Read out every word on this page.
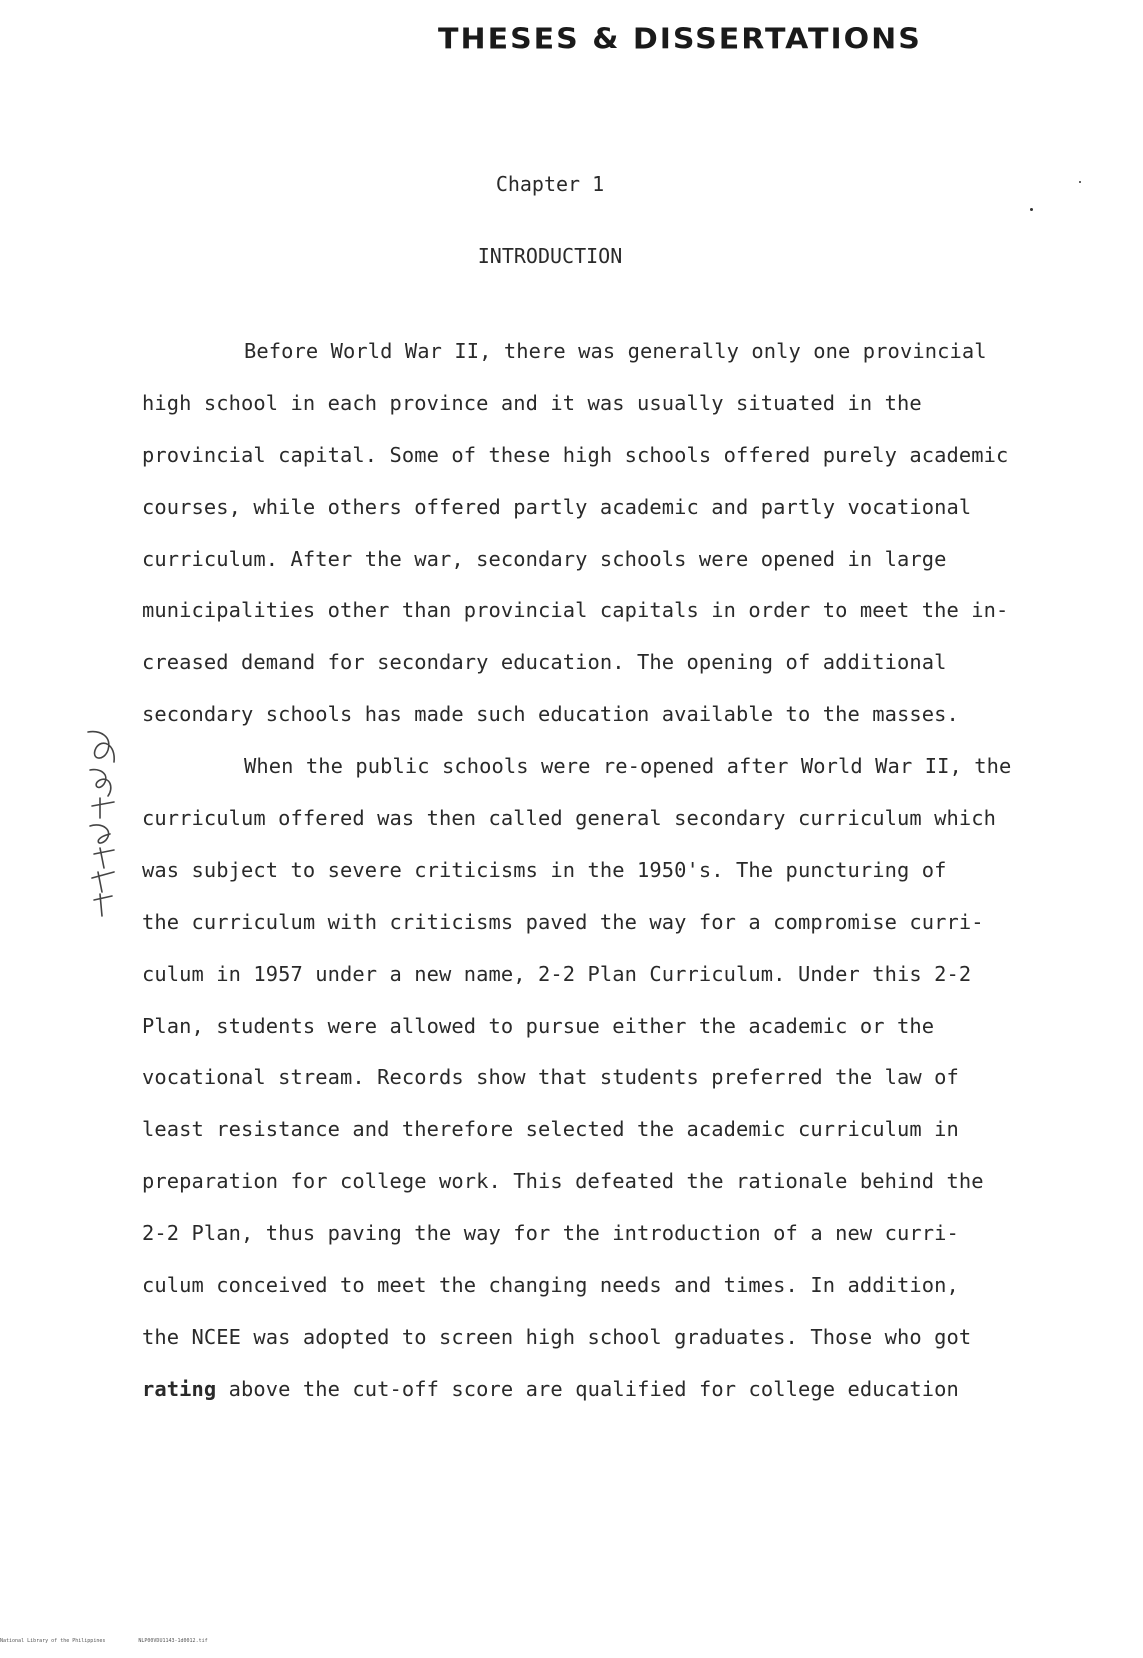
THESES & DISSERTATIONS
Chapter 1
INTRODUCTION
Before World War II, there was generally only one provincial
high school in each province and it was usually situated in the
provincial capital. Some of these high schools offered purely academic
courses, while others offered partly academic and partly vocational
curriculum. After the war, secondary schools were opened in large
municipalities other than provincial capitals in order to meet the in-
creased demand for secondary education. The opening of additional
secondary schools has made such education available to the masses.
When the public schools were re-opened after World War II, the
curriculum offered was then called general secondary curriculum which
was subject to severe criticisms in the 1950's. The puncturing of
the curriculum with criticisms paved the way for a compromise curri-
culum in 1957 under a new name, 2-2 Plan Curriculum. Under this 2-2
Plan, students were allowed to pursue either the academic or the
vocational stream. Records show that students preferred the law of
least resistance and therefore selected the academic curriculum in
preparation for college work. This defeated the rationale behind the
2-2 Plan, thus paving the way for the introduction of a new curri-
culum conceived to meet the changing needs and times. In addition,
the NCEE was adopted to screen high school graduates. Those who got
rating above the cut-off score are qualified for college education
National Library of the Philippines	NLP00VDU1143-1d0012.tif
